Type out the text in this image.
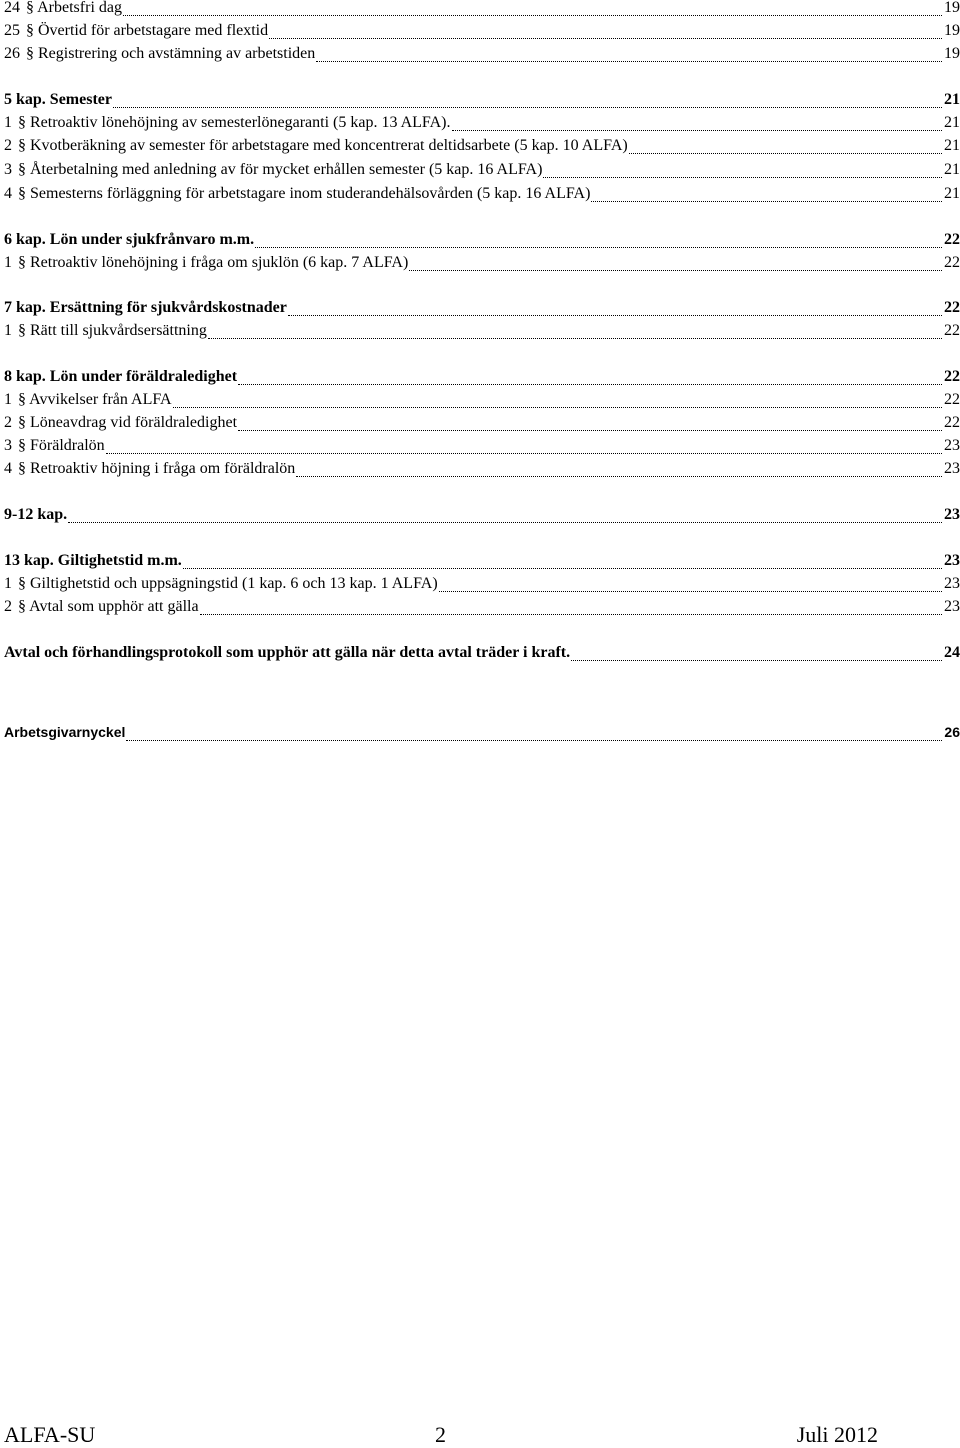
24 § Arbetsfri dag	19
25 § Övertid för arbetstagare med flextid	19
26 § Registrering och avstämning av arbetstiden	19
5 kap. Semester	21
1 § Retroaktiv lönehöjning av semesterlönegaranti (5 kap. 13 ALFA).	21
2 § Kvotberäkning av semester för arbetstagare med koncentrerat deltidsarbete (5 kap. 10 ALFA)	21
3 § Återbetalning med anledning av för mycket erhållen semester (5 kap. 16 ALFA)	21
4 § Semesterns förläggning för arbetstagare inom studerandehälsovården (5 kap. 16 ALFA)	21
6 kap. Lön under sjukfrånvaro m.m.	22
1 § Retroaktiv lönehöjning i fråga om sjuklön (6 kap. 7 ALFA)	22
7 kap. Ersättning för sjukvårdskostnader	22
1 § Rätt till sjukvårdsersättning	22
8 kap. Lön under föräldraledighet	22
1 § Avvikelser från ALFA	22
2 § Löneavdrag vid föräldraledighet	22
3 § Föräldralön	23
4 § Retroaktiv höjning i fråga om föräldralön	23
9-12 kap.	23
13 kap. Giltighetstid m.m.	23
1 § Giltighetstid och uppsägningstid (1 kap. 6 och 13 kap. 1 ALFA)	23
2 § Avtal som upphör att gälla	23
Avtal och förhandlingsprotokoll som upphör att gälla när detta avtal träder i kraft.	24
Arbetsgivarnyckel	26
ALFA-SU	2	Juli 2012
